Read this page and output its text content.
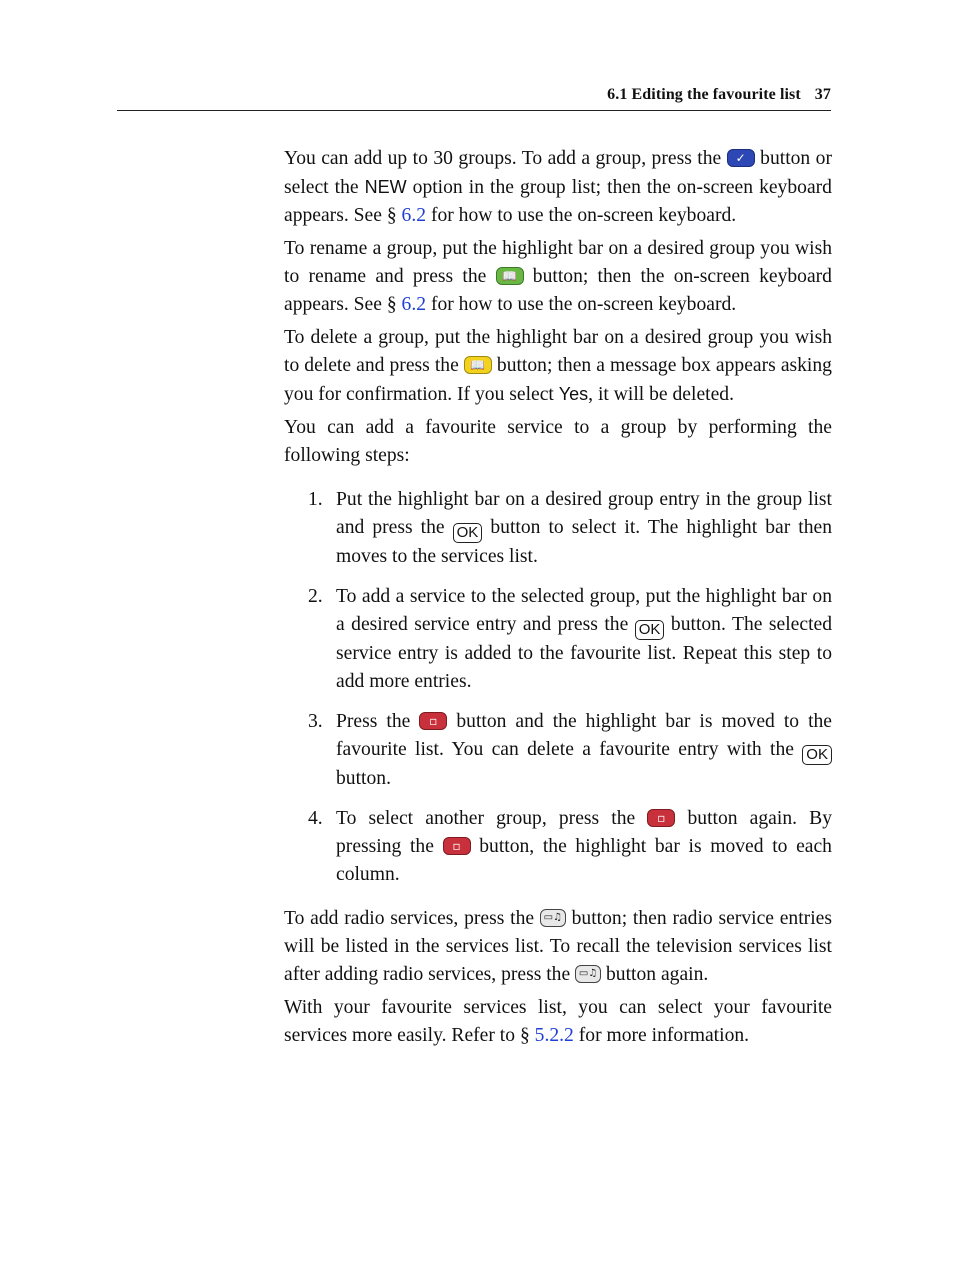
6.1 Editing the favourite list 37

You can add up to 30 groups. To add a group, press the	✓ button or select the NEW option in the group list; then the on-screen keyboard appears. See § 6.2 for how to use the on-screen keyboard.

To rename a group, put the highlight bar on a desired group you wish to rename and press the	📖 button; then the on-screen keyboard appears. See § 6.2 for how to use the on-screen keyboard.

To delete a group, put the highlight bar on a desired group you wish to delete and press the 📖 button; then a message box appears asking you for confirmation. If you select Yes, it will be deleted.

You can add a favourite service to a group by performing the following steps:

1. Put the highlight bar on a desired group entry in the group list and press the OK button to select it. The highlight bar then moves to the services list.
2. To add a service to the selected group, put the highlight bar on a desired service entry and press the OK button. The selected service entry is added to the favourite list. Repeat this step to add more entries.
3. Press the	▫ button and the highlight bar is moved to the favourite list. You can delete a favourite entry with the OK button.
4. To select another group, press the	▫	button again. By pressing the	▫ button, the highlight bar is moved to each column.

To add radio services, press the ▭♫ button; then radio service entries will be listed in the services list. To recall the television services list after adding radio services, press the ▭♫ button again.

With your favourite services list, you can select your favourite services more easily. Refer to § 5.2.2 for more information.
